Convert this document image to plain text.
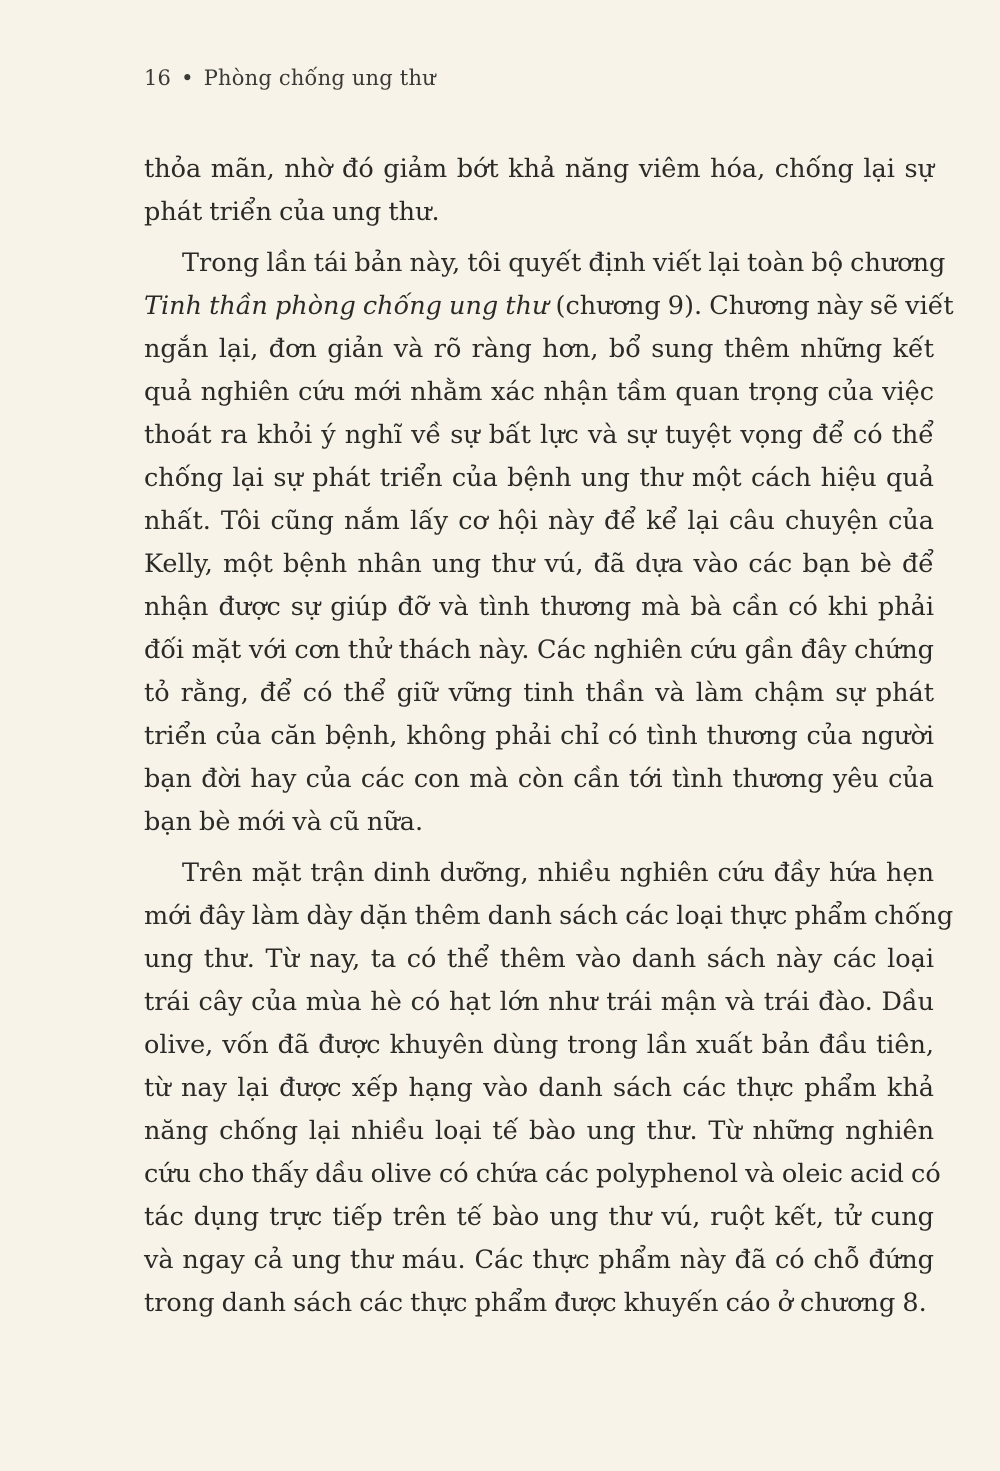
16 • Phòng chống ung thư
thỏa mãn, nhờ đó giảm bớt khả năng viêm hóa, chống lại sự
phát triển của ung thư.
Trong lần tái bản này, tôi quyết định viết lại toàn bộ chương
Tinh thần phòng chống ung thư (chương 9). Chương này sẽ viết
ngắn lại, đơn giản và rõ ràng hơn, bổ sung thêm những kết
quả nghiên cứu mới nhằm xác nhận tầm quan trọng của việc
thoát ra khỏi ý nghĩ về sự bất lực và sự tuyệt vọng để có thể
chống lại sự phát triển của bệnh ung thư một cách hiệu quả
nhất. Tôi cũng nắm lấy cơ hội này để kể lại câu chuyện của
Kelly, một bệnh nhân ung thư vú, đã dựa vào các bạn bè để
nhận được sự giúp đỡ và tình thương mà bà cần có khi phải
đối mặt với cơn thử thách này. Các nghiên cứu gần đây chứng
tỏ rằng, để có thể giữ vững tinh thần và làm chậm sự phát
triển của căn bệnh, không phải chỉ có tình thương của người
bạn đời hay của các con mà còn cần tới tình thương yêu của
bạn bè mới và cũ nữa.
Trên mặt trận dinh dưỡng, nhiều nghiên cứu đầy hứa hẹn
mới đây làm dày dặn thêm danh sách các loại thực phẩm chống
ung thư. Từ nay, ta có thể thêm vào danh sách này các loại
trái cây của mùa hè có hạt lớn như trái mận và trái đào. Dầu
olive, vốn đã được khuyên dùng trong lần xuất bản đầu tiên,
từ nay lại được xếp hạng vào danh sách các thực phẩm khả
năng chống lại nhiều loại tế bào ung thư. Từ những nghiên
cứu cho thấy dầu olive có chứa các polyphenol và oleic acid có
tác dụng trực tiếp trên tế bào ung thư vú, ruột kết, tử cung
và ngay cả ung thư máu. Các thực phẩm này đã có chỗ đứng
trong danh sách các thực phẩm được khuyến cáo ở chương 8.
